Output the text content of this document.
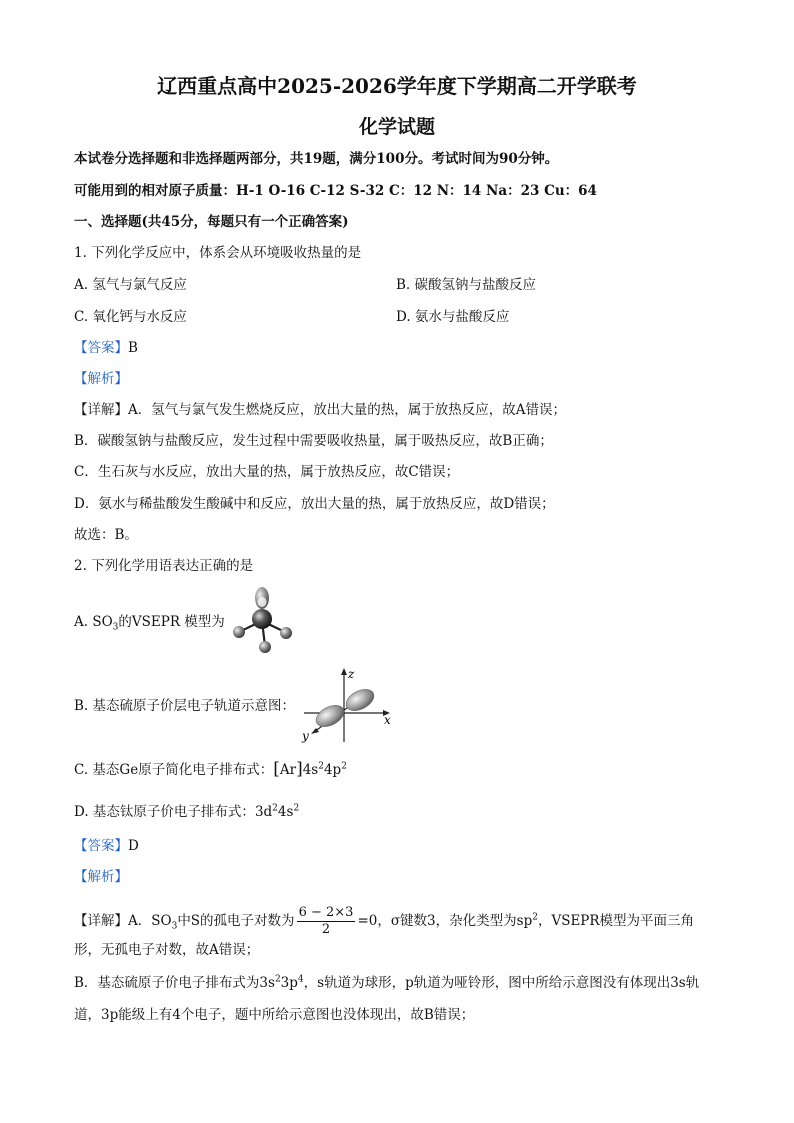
辽西重点高中2025-2026学年度下学期高二开学联考
化学试题
本试卷分选择题和非选择题两部分，共19题，满分100分。考试时间为90分钟。
可能用到的相对原子质量：H-1 O-16 C-12 S-32 C：12 N：14 Na：23 Cu：64
一、选择题(共45分，每题只有一个正确答案)
1. 下列化学反应中，体系会从环境吸收热量的是
A. 氢气与氯气反应	B. 碳酸氢钠与盐酸反应
C. 氧化钙与水反应	D. 氨水与盐酸反应
【答案】B
【解析】
【详解】A．氢气与氯气发生燃烧反应，放出大量的热，属于放热反应，故A错误；
B．碳酸氢钠与盐酸反应，发生过程中需要吸收热量，属于吸热反应，故B正确；
C．生石灰与水反应，放出大量的热，属于放热反应，故C错误；
D．氨水与稀盐酸发生酸碱中和反应，放出大量的热，属于放热反应，故D错误；
故选：B。
2. 下列化学用语表达正确的是
A. $SO_3$的VSEPR 模型为
B. 基态硫原子价层电子轨道示意图：
z
x
y
C. 基态Ge原子简化电子排布式：$[Ar]4s^24p^2$
D. 基态钛原子价电子排布式：$3d^24s^2$
【答案】D
【解析】
【详解】A．$SO_3$中S的孤电子对数为 $\frac{6 - 2\times 3}{2} =0$，σ键数3，杂化类型为$sp^2$，VSEPR模型为平面三角
形，无孤电子对数，故A错误；
B．基态硫原子价电子排布式为$3s^23p^4$，s轨道为球形，p轨道为哑铃形，图中所给示意图没有体现出3s轨
道，3p能级上有4个电子，题中所给示意图也没体现出，故B错误；
